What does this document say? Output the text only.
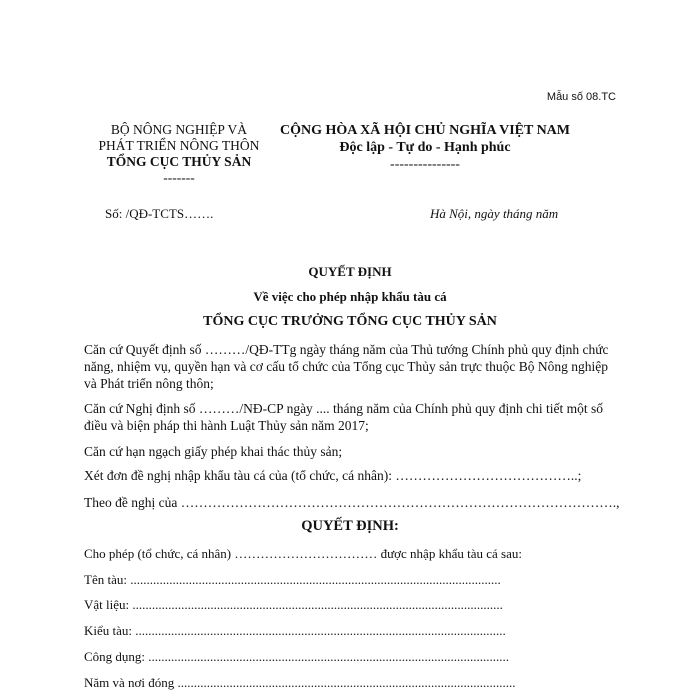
Mẫu số 08.TC
BỘ NÔNG NGHIỆP VÀ
PHÁT TRIỂN NÔNG THÔN
TỔNG CỤC THỦY SẢN
-------
CỘNG HÒA XÃ HỘI CHỦ NGHĨA VIỆT NAM
Độc lập - Tự do - Hạnh phúc
---------------
Số: /QĐ-TCTS…….	Hà Nội, ngày tháng năm
QUYẾT ĐỊNH
Về việc cho phép nhập khẩu tàu cá
TỔNG CỤC TRƯỞNG TỔNG CỤC THỦY SẢN
Căn cứ Quyết định số ………/QĐ-TTg ngày tháng năm của Thủ tướng Chính phủ quy định chức năng, nhiệm vụ, quyền hạn và cơ cấu tổ chức của Tổng cục Thủy sản trực thuộc Bộ Nông nghiệp và Phát triển nông thôn;
Căn cứ Nghị định số ………/NĐ-CP ngày .... tháng năm của Chính phủ quy định chi tiết một số điều và biện pháp thi hành Luật Thủy sản năm 2017;
Căn cứ hạn ngạch giấy phép khai thác thủy sản;
Xét đơn đề nghị nhập khẩu tàu cá của (tổ chức, cá nhân): …………………………………..;
Theo đề nghị của …………………………………………………………………………………….,
QUYẾT ĐỊNH:
Cho phép (tổ chức, cá nhân) …………………………… được nhập khẩu tàu cá sau:
Tên tàu: ..................................................................................................................
Vật liệu: ..................................................................................................................
Kiểu tàu: ..................................................................................................................
Công dụng: ...............................................................................................................
Năm và nơi đóng ........................................................................................................
